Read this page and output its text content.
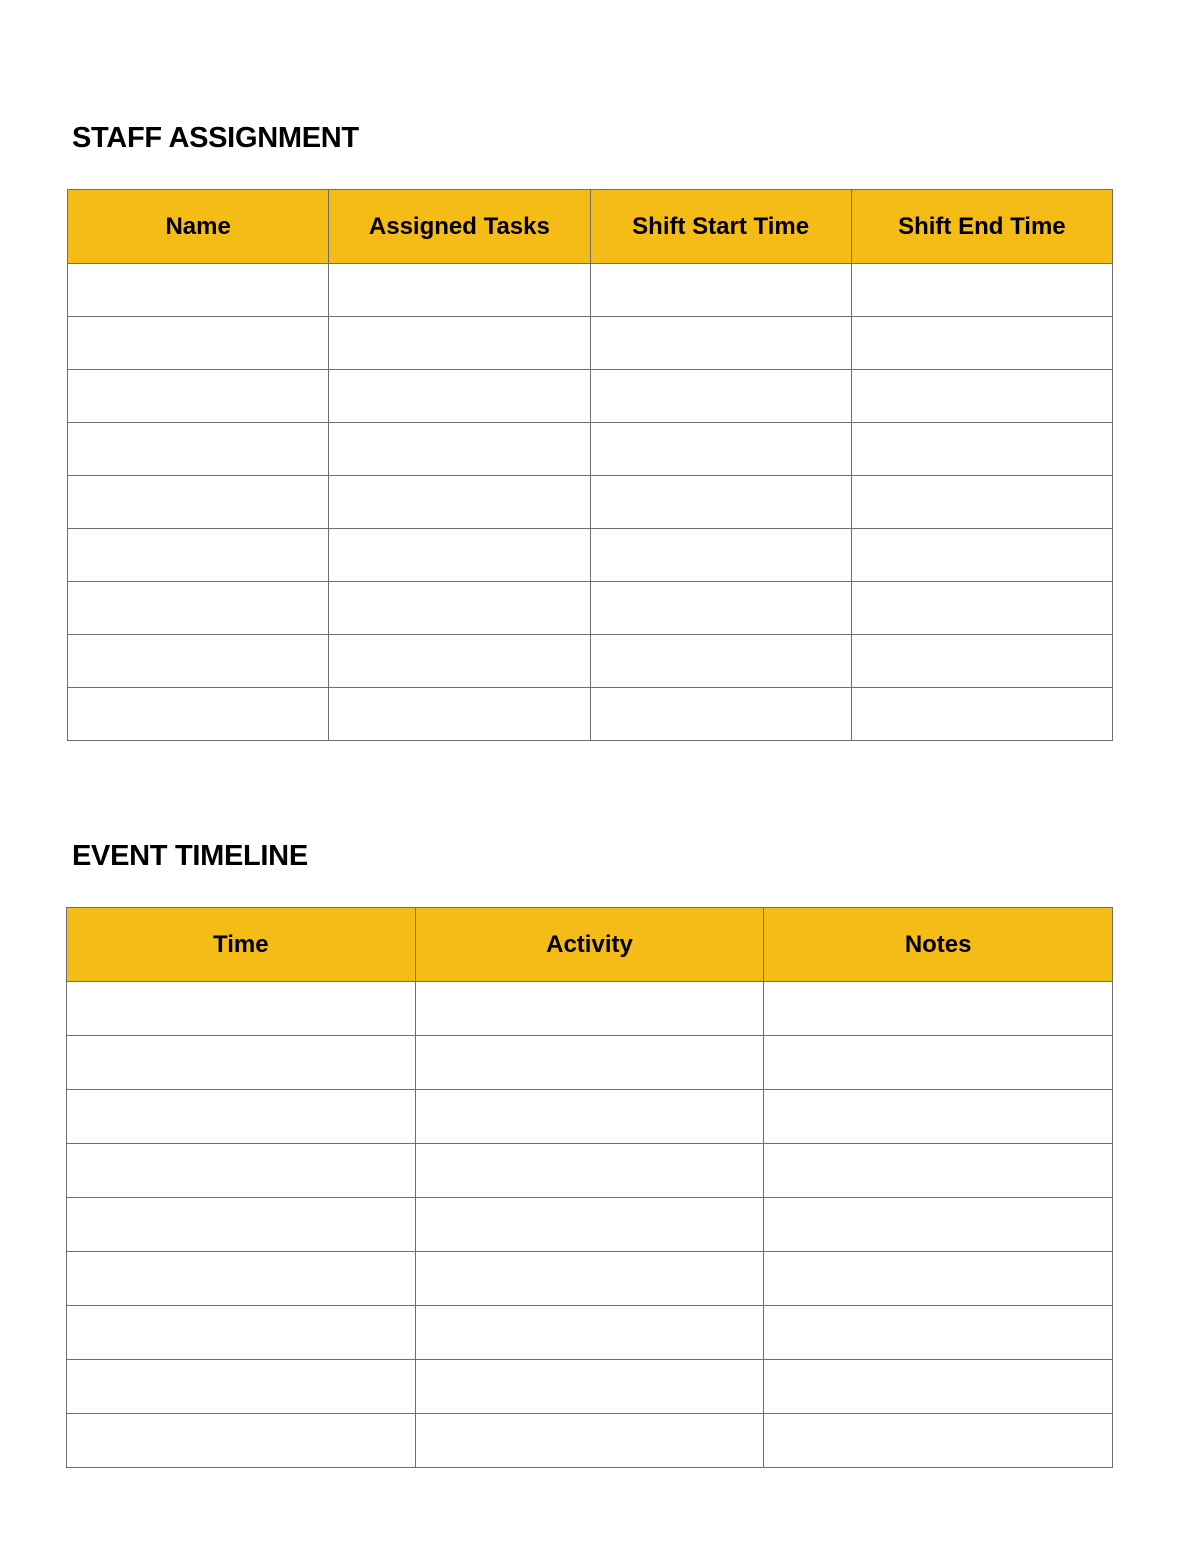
STAFF ASSIGNMENT
Name	Assigned Tasks	Shift Start Time	Shift End Time

EVENT TIMELINE
Time	Activity	Notes
